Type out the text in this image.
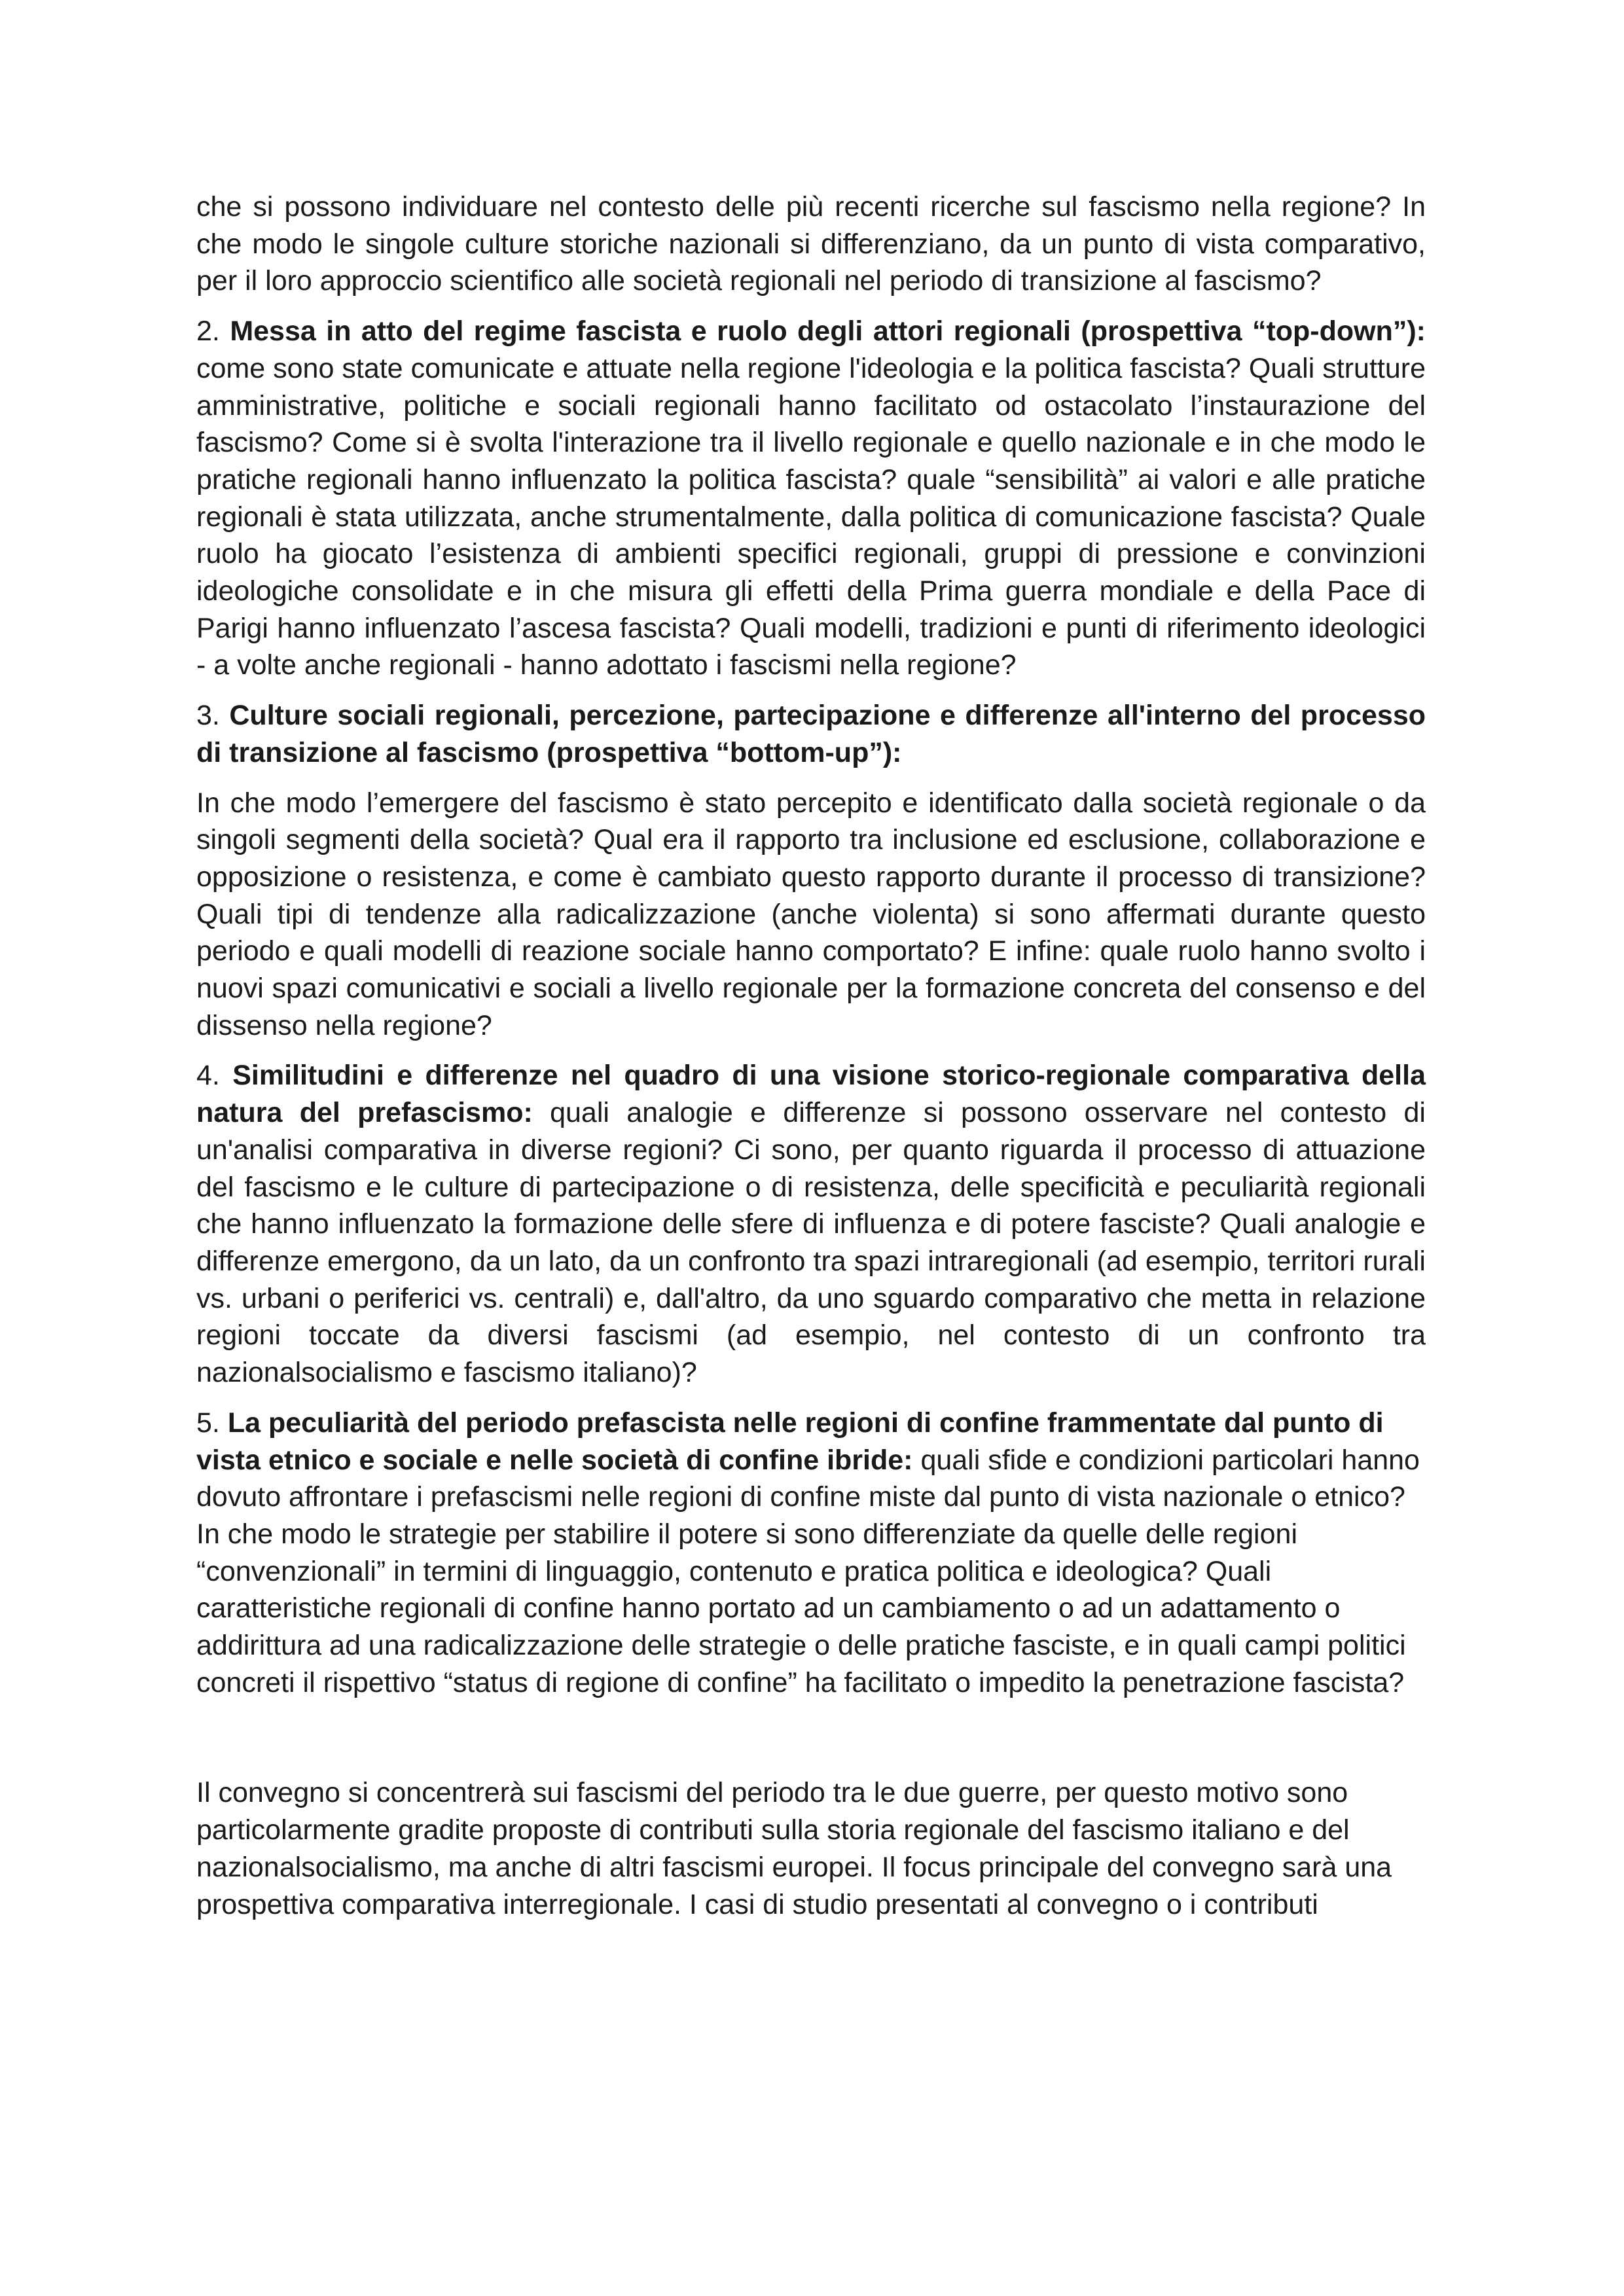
che si possono individuare nel contesto delle più recenti ricerche sul fascismo nella regione? In che modo le singole culture storiche nazionali si differenziano, da un punto di vista comparativo, per il loro approccio scientifico alle società regionali nel periodo di transizione al fascismo?

2. Messa in atto del regime fascista e ruolo degli attori regionali (prospettiva “top-down”): come sono state comunicate e attuate nella regione l'ideologia e la politica fascista? Quali strutture amministrative, politiche e sociali regionali hanno facilitato od ostacolato l’instaurazione del fascismo? Come si è svolta l'interazione tra il livello regionale e quello nazionale e in che modo le pratiche regionali hanno influenzato la politica fascista? quale “sensibilità” ai valori e alle pratiche regionali è stata utilizzata, anche strumentalmente, dalla politica di comunicazione fascista? Quale ruolo ha giocato l’esistenza di ambienti specifici regionali, gruppi di pressione e convinzioni ideologiche consolidate e in che misura gli effetti della Prima guerra mondiale e della Pace di Parigi hanno influenzato l’ascesa fascista? Quali modelli, tradizioni e punti di riferimento ideologici - a volte anche regionali - hanno adottato i fascismi nella regione?

3. Culture sociali regionali, percezione, partecipazione e differenze all'interno del processo di transizione al fascismo (prospettiva “bottom-up”):

In che modo l’emergere del fascismo è stato percepito e identificato dalla società regionale o da singoli segmenti della società? Qual era il rapporto tra inclusione ed esclusione, collaborazione e opposizione o resistenza, e come è cambiato questo rapporto durante il processo di transizione? Quali tipi di tendenze alla radicalizzazione (anche violenta) si sono affermati durante questo periodo e quali modelli di reazione sociale hanno comportato? E infine: quale ruolo hanno svolto i nuovi spazi comunicativi e sociali a livello regionale per la formazione concreta del consenso e del dissenso nella regione?

4. Similitudini e differenze nel quadro di una visione storico-regionale comparativa della natura del prefascismo: quali analogie e differenze si possono osservare nel contesto di un'analisi comparativa in diverse regioni? Ci sono, per quanto riguarda il processo di attuazione del fascismo e le culture di partecipazione o di resistenza, delle specificità e peculiarità regionali che hanno influenzato la formazione delle sfere di influenza e di potere fasciste? Quali analogie e differenze emergono, da un lato, da un confronto tra spazi intraregionali (ad esempio, territori rurali vs. urbani o periferici vs. centrali) e, dall'altro, da uno sguardo comparativo che metta in relazione regioni toccate da diversi fascismi (ad esempio, nel contesto di un confronto tra nazionalsocialismo e fascismo italiano)?

5. La peculiarità del periodo prefascista nelle regioni di confine frammentate dal punto di vista etnico e sociale e nelle società di confine ibride: quali sfide e condizioni particolari hanno dovuto affrontare i prefascismi nelle regioni di confine miste dal punto di vista nazionale o etnico? In che modo le strategie per stabilire il potere si sono differenziate da quelle delle regioni “convenzionali” in termini di linguaggio, contenuto e pratica politica e ideologica? Quali caratteristiche regionali di confine hanno portato ad un cambiamento o ad un adattamento o addirittura ad una radicalizzazione delle strategie o delle pratiche fasciste, e in quali campi politici concreti il rispettivo “status di regione di confine” ha facilitato o impedito la penetrazione fascista?

Il convegno si concentrerà sui fascismi del periodo tra le due guerre, per questo motivo sono particolarmente gradite proposte di contributi sulla storia regionale del fascismo italiano e del nazionalsocialismo, ma anche di altri fascismi europei. Il focus principale del convegno sarà una prospettiva comparativa interregionale. I casi di studio presentati al convegno o i contributi
